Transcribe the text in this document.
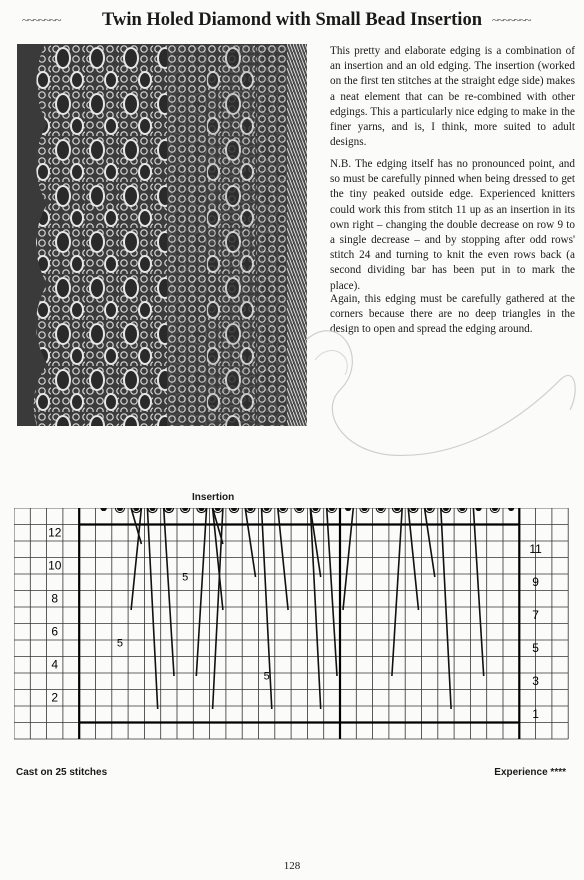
~~~~~~~	Twin Holed Diamond with Small Bead Insertion ~~~~~~~
This pretty and elaborate edging is a combination of an insertion and an old edging. The insertion (worked on the first ten stitches at the straight edge side) makes a neat element that can be re-combined with other edgings. This a particularly nice edging to make in the finer yarns, and is, I think, more suited to adult designs.
N.B. The edging itself has no pronounced point, and so must be carefully pinned when being dressed to get the tiny peaked outside edge. Experienced knitters could work this from stitch 11 up as an insertion in its own right – changing the double decrease on row 9 to a single decrease – and by stopping after odd rows' stitch 24 and turning to knit the even rows back (a second dividing bar has been put in to mark the place).
Again, this edging must be carefully gathered at the corners because there are no deep triangles in the design to open and spread the edging around.
Insertion
5
5
5
12
10
8
6
4
2
11
9
7
5
3
1
Cast on 25 stitches	Experience ****
128
